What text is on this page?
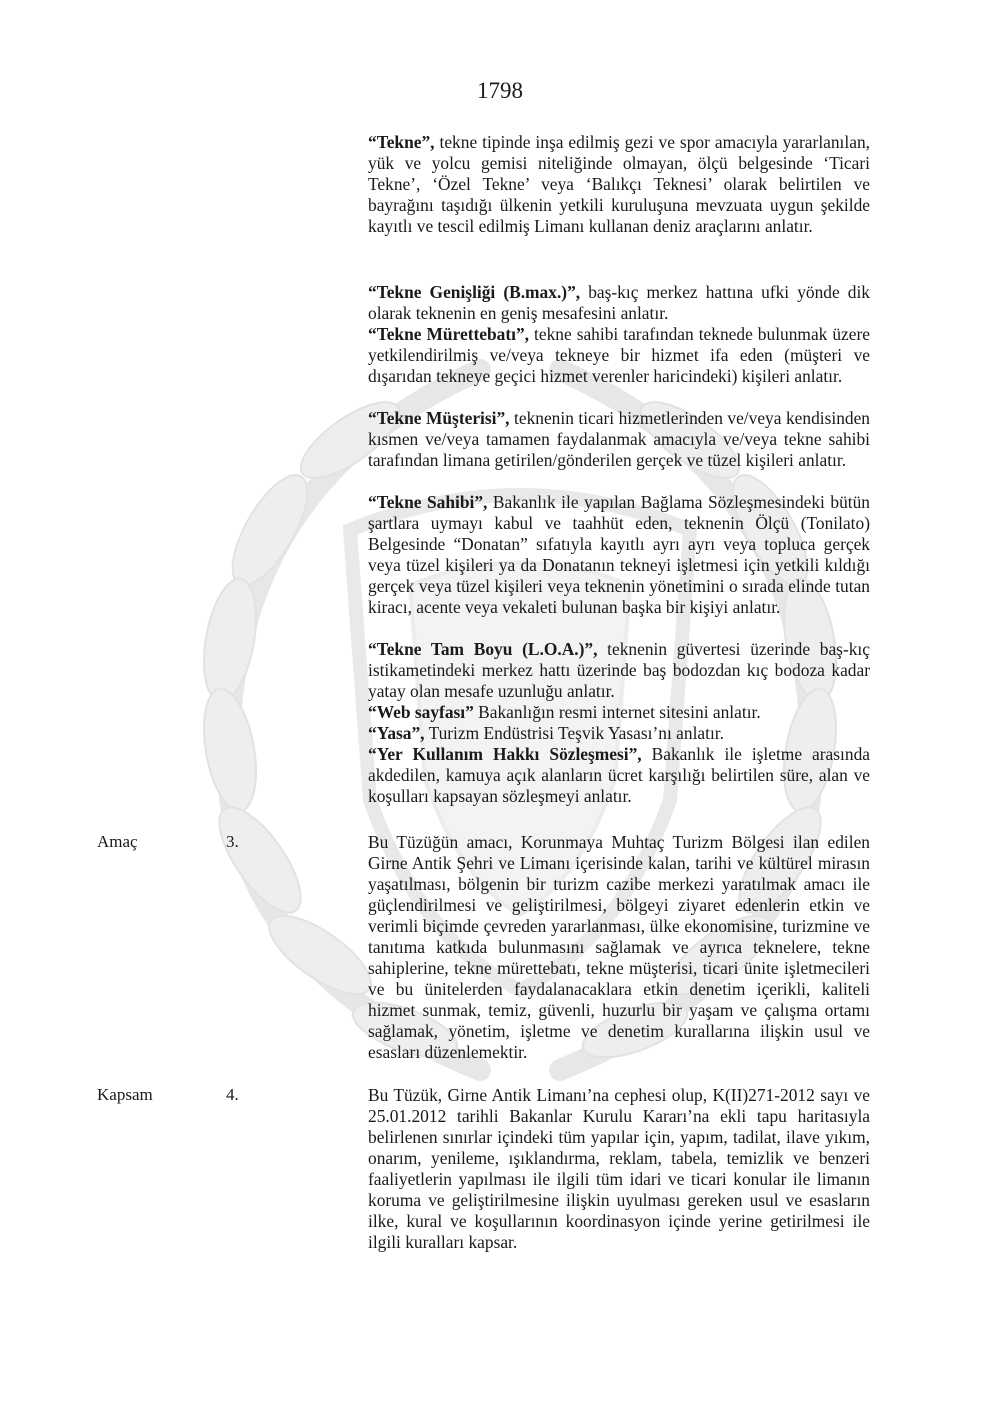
1798
“Tekne”, tekne tipinde inşa edilmiş gezi ve spor amacıyla yararlanılan, yük ve yolcu gemisi niteliğinde olmayan, ölçü belgesinde ‘Ticari Tekne’, ‘Özel Tekne’ veya ‘Balıkçı Teknesi’ olarak belirtilen ve bayrağını taşıdığı ülkenin yetkili kuruluşuna mevzuata uygun şekilde kayıtlı ve tescil edilmiş Limanı kullanan deniz araçlarını anlatır.
“Tekne Genişliği (B.max.)”, baş-kıç merkez hattına ufki yönde dik olarak teknenin en geniş mesafesini anlatır.
“Tekne Mürettebatı”, tekne sahibi tarafından teknede bulunmak üzere yetkilendirilmiş ve/veya tekneye bir hizmet ifa eden (müşteri ve dışarıdan tekneye geçici hizmet verenler haricindeki) kişileri anlatır.
“Tekne Müşterisi”, teknenin ticari hizmetlerinden ve/veya kendisinden kısmen ve/veya tamamen faydalanmak amacıyla ve/veya tekne sahibi tarafından limana getirilen/gönderilen gerçek ve tüzel kişileri anlatır.
“Tekne Sahibi”, Bakanlık ile yapılan Bağlama Sözleşmesindeki bütün şartlara uymayı kabul ve taahhüt eden, teknenin Ölçü (Tonilato) Belgesinde “Donatan” sıfatıyla kayıtlı ayrı ayrı veya topluca gerçek veya tüzel kişileri ya da Donatanın tekneyi işletmesi için yetkili kıldığı gerçek veya tüzel kişileri veya teknenin yönetimini o sırada elinde tutan kiracı, acente veya vekaleti bulunan başka bir kişiyi anlatır.
“Tekne Tam Boyu (L.O.A.)”, teknenin güvertesi üzerinde baş-kıç istikametindeki merkez hattı üzerinde baş bodozdan kıç bodoza kadar yatay olan mesafe uzunluğu anlatır.
“Web sayfası” Bakanlığın resmi internet sitesini anlatır.
“Yasa”, Turizm Endüstrisi Teşvik Yasası’nı anlatır.
“Yer Kullanım Hakkı Sözleşmesi”, Bakanlık ile işletme arasında akdedilen, kamuya açık alanların ücret karşılığı belirtilen süre, alan ve koşulları kapsayan sözleşmeyi anlatır.
Amaç	3.	Bu Tüzüğün amacı, Korunmaya Muhtaç Turizm Bölgesi ilan edilen Girne Antik Şehri ve Limanı içerisinde kalan, tarihi ve kültürel mirasın yaşatılması, bölgenin bir turizm cazibe merkezi yaratılmak amacı ile güçlendirilmesi ve geliştirilmesi, bölgeyi ziyaret edenlerin etkin ve verimli biçimde çevreden yararlanması, ülke ekonomisine, turizmine ve tanıtıma katkıda bulunmasını sağlamak ve ayrıca teknelere, tekne sahiplerine, tekne mürettebatı, tekne müşterisi, ticari ünite işletmecileri ve bu ünitelerden faydalanacaklara etkin denetim içerikli, kaliteli hizmet sunmak, temiz, güvenli, huzurlu bir yaşam ve çalışma ortamı sağlamak, yönetim, işletme ve denetim kurallarına ilişkin usul ve esasları düzenlemektir.
Kapsam	4.	Bu Tüzük, Girne Antik Limanı’na cephesi olup, K(II)271-2012 sayı ve 25.01.2012 tarihli Bakanlar Kurulu Kararı’na ekli tapu haritasıyla belirlenen sınırlar içindeki tüm yapılar için, yapım, tadilat, ilave yıkım, onarım, yenileme, ışıklandırma, reklam, tabela, temizlik ve benzeri faaliyetlerin yapılması ile ilgili tüm idari ve ticari konular ile limanın koruma ve geliştirilmesine ilişkin uyulması gereken usul ve esasların ilke, kural ve koşullarının koordinasyon içinde yerine getirilmesi ile ilgili kuralları kapsar.
